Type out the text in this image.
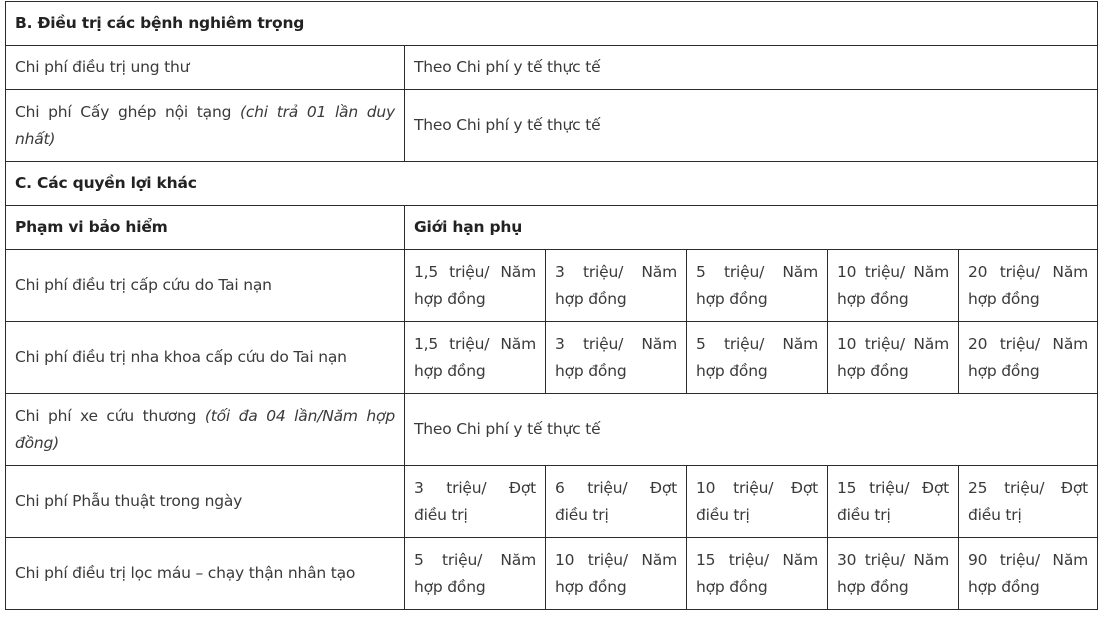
B. Điều trị các bệnh nghiêm trọng					
Chi phí điều trị ung thư	Theo Chi phí y tế thực tế				
Chi phí Cấy ghép nội tạng (chi trả 01 lần duy nhất)	Theo Chi phí y tế thực tế				
C. Các quyền lợi khác					
Phạm vi bảo hiểm	Giới hạn phụ				
Chi phí điều trị cấp cứu do Tai nạn	1,5 triệu/ Năm hợp đồng	3 triệu/ Năm hợp đồng	5 triệu/ Năm hợp đồng	10 triệu/ Năm hợp đồng	20 triệu/ Năm hợp đồng
Chi phí điều trị nha khoa cấp cứu do Tai nạn	1,5 triệu/ Năm hợp đồng	3 triệu/ Năm hợp đồng	5 triệu/ Năm hợp đồng	10 triệu/ Năm hợp đồng	20 triệu/ Năm hợp đồng
Chi phí xe cứu thương (tối đa 04 lần/Năm hợp đồng)	Theo Chi phí y tế thực tế				
Chi phí Phẫu thuật trong ngày	3 triệu/ Đợt điều trị	6 triệu/ Đợt điều trị	10 triệu/ Đợt điều trị	15 triệu/ Đợt điều trị	25 triệu/ Đợt điều trị
Chi phí điều trị lọc máu – chạy thận nhân tạo	5 triệu/ Năm hợp đồng	10 triệu/ Năm hợp đồng	15 triệu/ Năm hợp đồng	30 triệu/ Năm hợp đồng	90 triệu/ Năm hợp đồng
